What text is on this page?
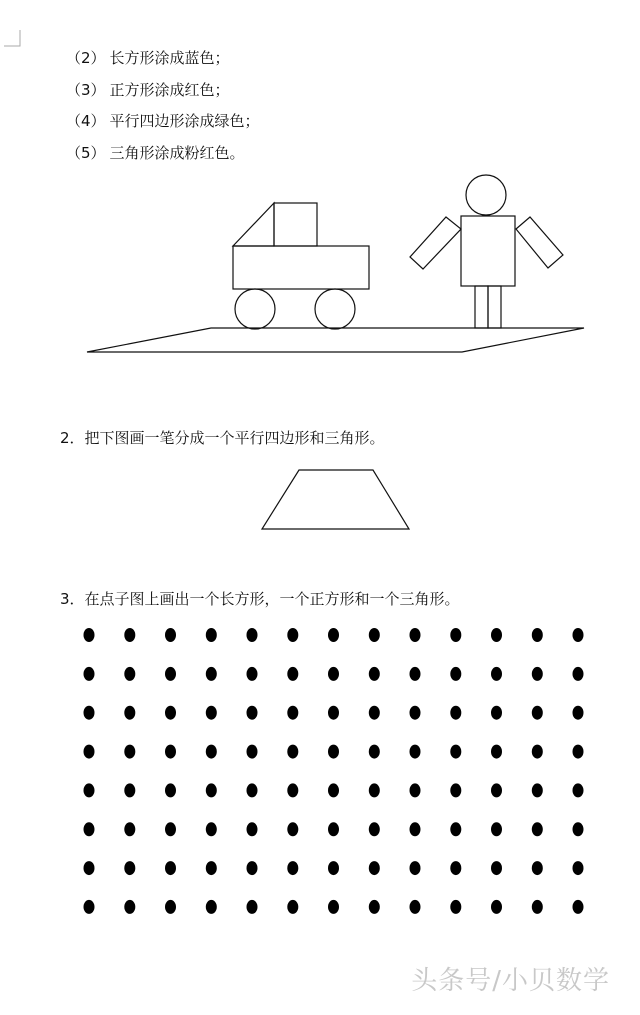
（2） 长方形涂成蓝色；
（3） 正方形涂成红色；
（4） 平行四边形涂成绿色；
（5） 三角形涂成粉红色。
2．把下图画一笔分成一个平行四边形和三角形。
3．在点子图上画出一个长方形，一个正方形和一个三角形。
头条号/小贝数学
